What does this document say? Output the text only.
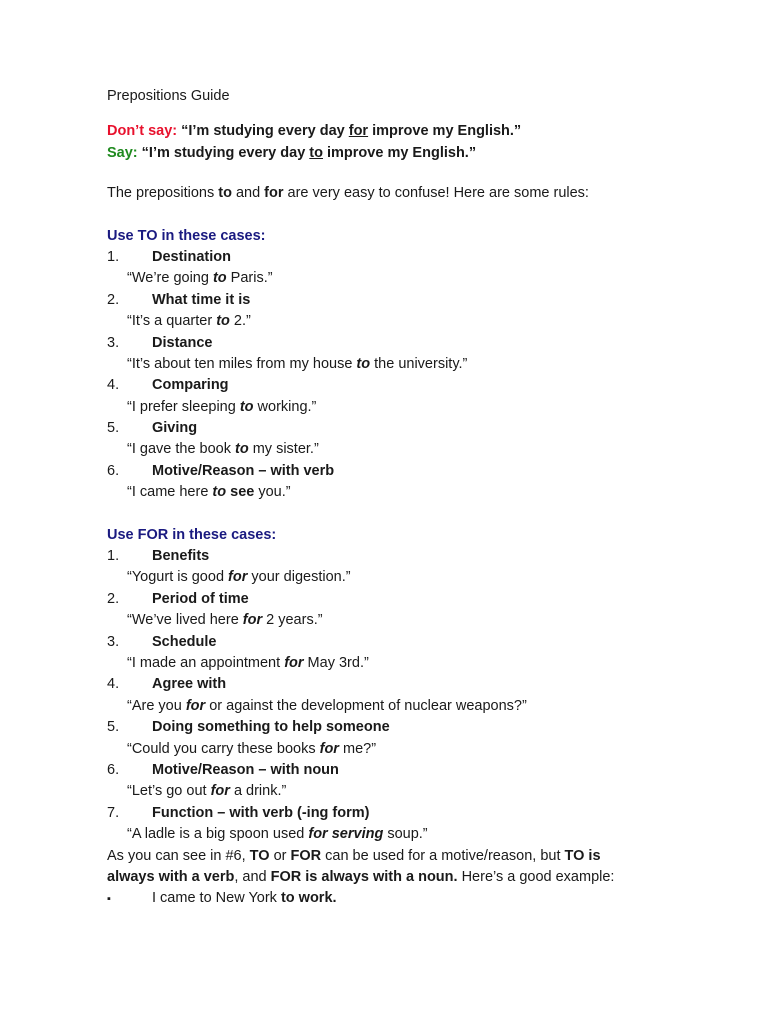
Prepositions Guide
Don’t say: “I’m studying every day for improve my English.”
Say: “I’m studying every day to improve my English.”
The prepositions to and for are very easy to confuse! Here are some rules:
Use TO in these cases:
1. Destination
“We’re going to Paris.”
2. What time it is
“It’s a quarter to 2.”
3. Distance
“It’s about ten miles from my house to the university.”
4. Comparing
“I prefer sleeping to working.”
5. Giving
“I gave the book to my sister.”
6. Motive/Reason – with verb
“I came here to see you.”
Use FOR in these cases:
1. Benefits
“Yogurt is good for your digestion.”
2. Period of time
“We’ve lived here for 2 years.”
3. Schedule
“I made an appointment for May 3rd.”
4. Agree with
“Are you for or against the development of nuclear weapons?”
5. Doing something to help someone
“Could you carry these books for me?”
6. Motive/Reason – with noun
“Let’s go out for a drink.”
7. Function – with verb (-ing form)
“A ladle is a big spoon used for serving soup.”
As you can see in #6, TO or FOR can be used for a motive/reason, but TO is
always with a verb, and FOR is always with a noun. Here’s a good example:
▪	I came to New York to work.
